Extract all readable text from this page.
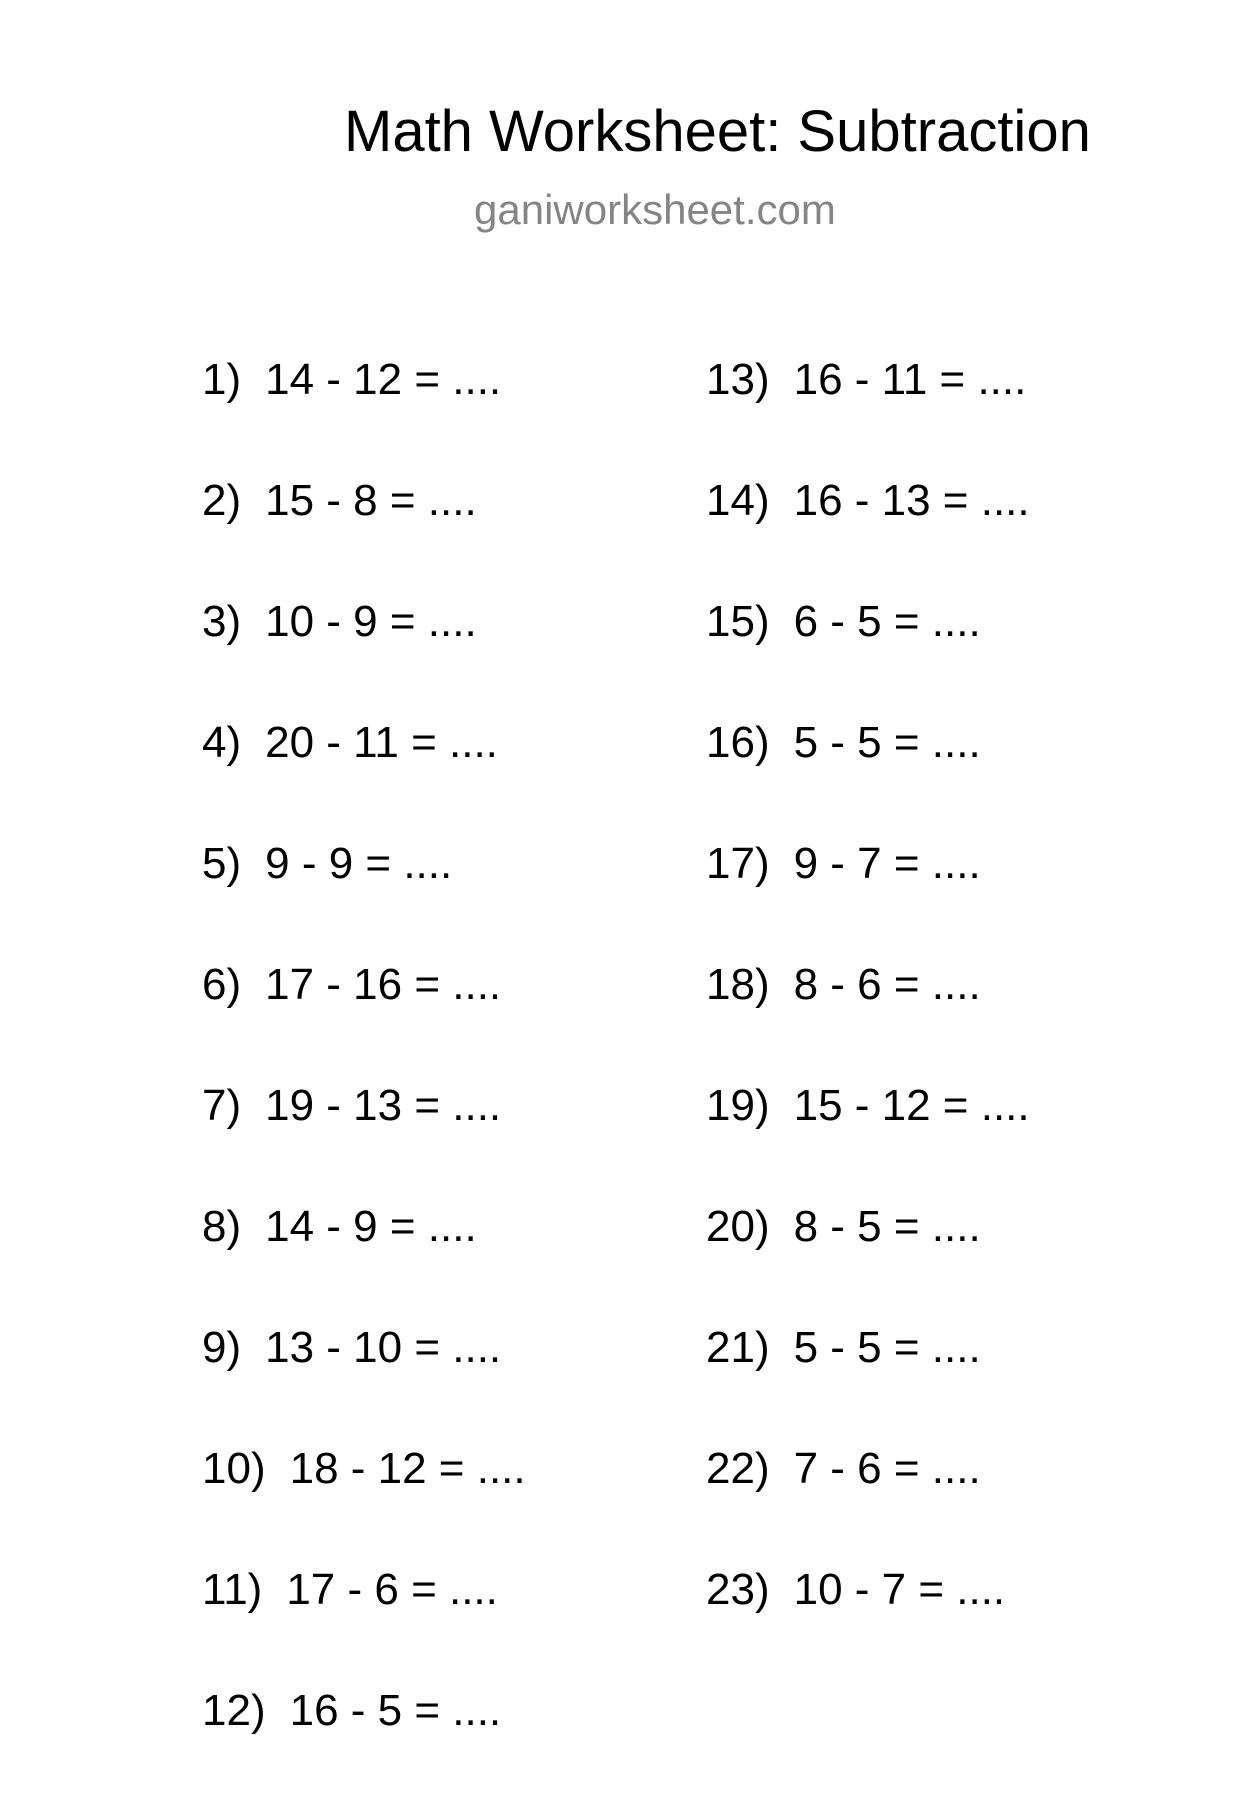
Math Worksheet: Subtraction
ganiworksheet.com
1) 14 - 12 = ....
2) 15 - 8 = ....
3) 10 - 9 = ....
4) 20 - 11 = ....
5) 9 - 9 = ....
6) 17 - 16 = ....
7) 19 - 13 = ....
8) 14 - 9 = ....
9) 13 - 10 = ....
10) 18 - 12 = ....
11) 17 - 6 = ....
12) 16 - 5 = ....
13) 16 - 11 = ....
14) 16 - 13 = ....
15) 6 - 5 = ....
16) 5 - 5 = ....
17) 9 - 7 = ....
18) 8 - 6 = ....
19) 15 - 12 = ....
20) 8 - 5 = ....
21) 5 - 5 = ....
22) 7 - 6 = ....
23) 10 - 7 = ....
